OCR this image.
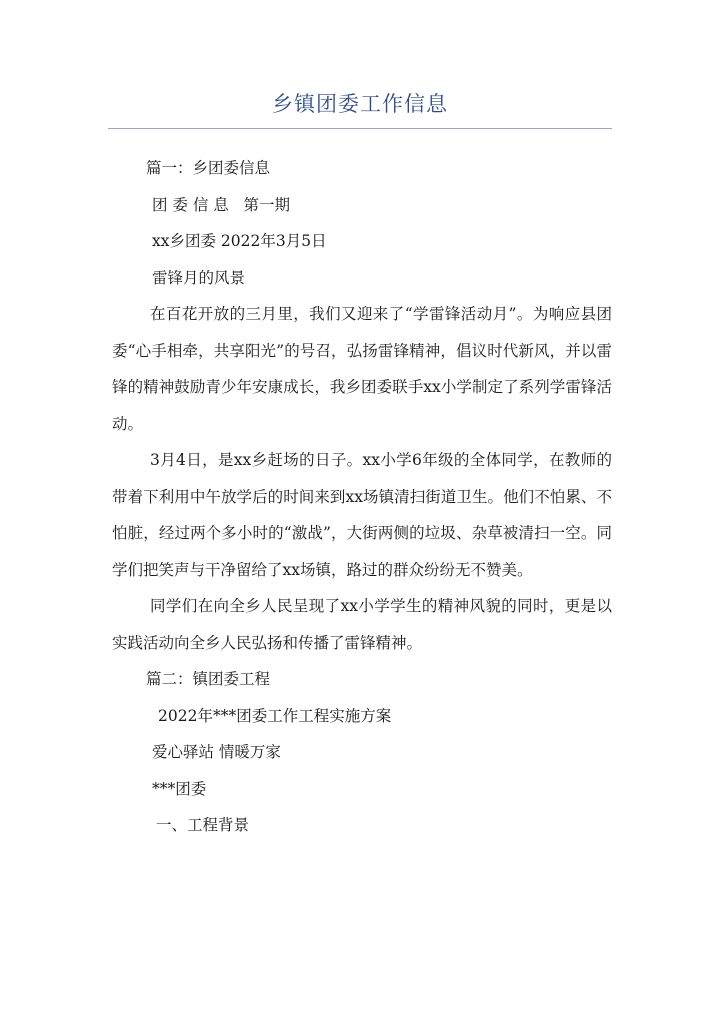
乡镇团委工作信息

篇一：乡团委信息

团 委 信 息   第一期

xx乡团委 2022年3月5日

雷锋月的风景

在百花开放的三月里，我们又迎来了“学雷锋活动月”。为响应县团委“心手相牵，共享阳光”的号召，弘扬雷锋精神，倡议时代新风，并以雷锋的精神鼓励青少年安康成长，我乡团委联手xx小学制定了系列学雷锋活动。

3月4日，是xx乡赶场的日子。xx小学6年级的全体同学，在教师的带着下利用中午放学后的时间来到xx场镇清扫街道卫生。他们不怕累、不怕脏，经过两个多小时的“激战”，大街两侧的垃圾、杂草被清扫一空。同学们把笑声与干净留给了xx场镇，路过的群众纷纷无不赞美。

同学们在向全乡人民呈现了xx小学学生的精神风貌的同时，更是以实践活动向全乡人民弘扬和传播了雷锋精神。

篇二：镇团委工程

2022年***团委工作工程实施方案

爱心驿站 情暖万家

***团委

一、工程背景
